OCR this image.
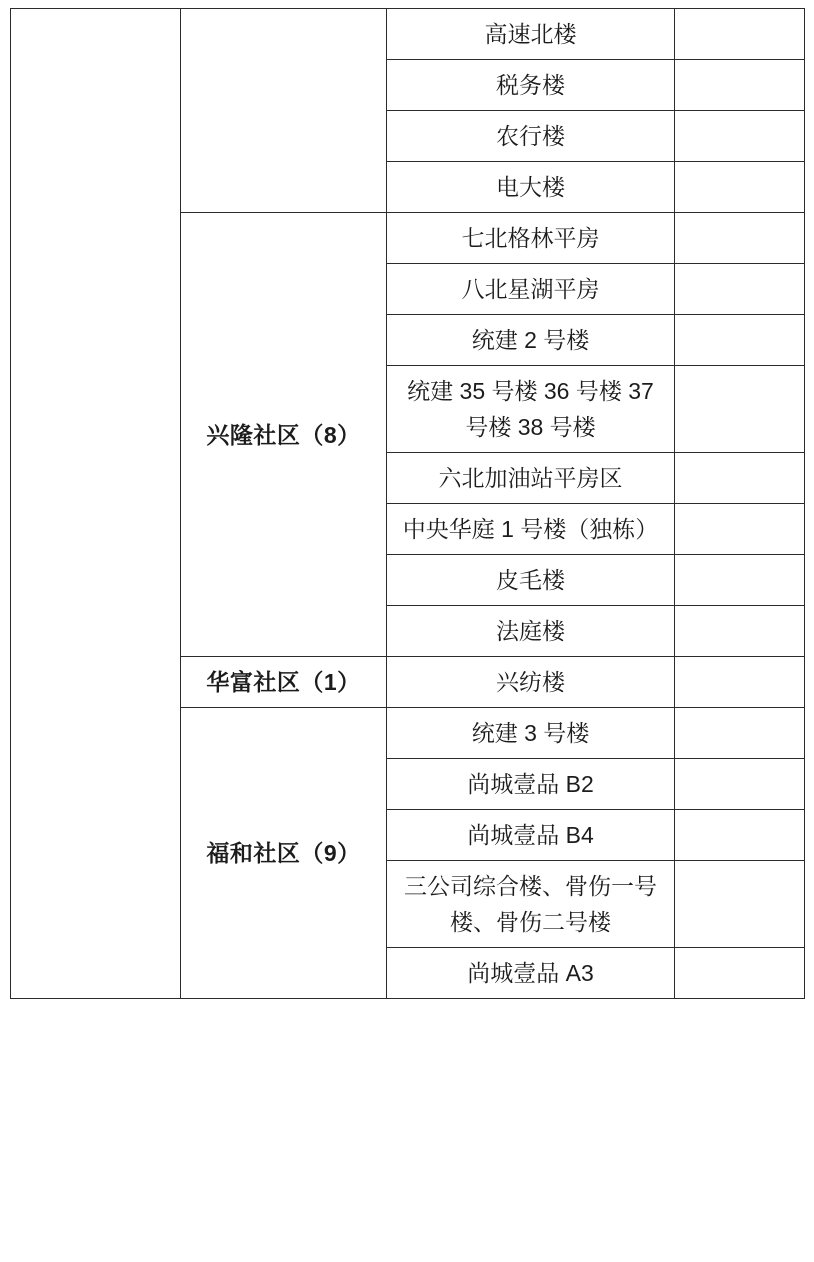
		高速北楼	
		税务楼	
		农行楼	
		电大楼	
	兴隆社区（8）	七北格林平房	
		八北星湖平房	
		统建 2 号楼	
		统建 35 号楼 36 号楼 37 号楼 38 号楼	
		六北加油站平房区	
		中央华庭 1 号楼（独栋）	
		皮毛楼	
		法庭楼	
	华富社区（1）	兴纺楼	
	福和社区（9）	统建 3 号楼	
		尚城壹品 B2	
		尚城壹品 B4	
		三公司综合楼、骨伤一号楼、骨伤二号楼	
		尚城壹品 A3	
